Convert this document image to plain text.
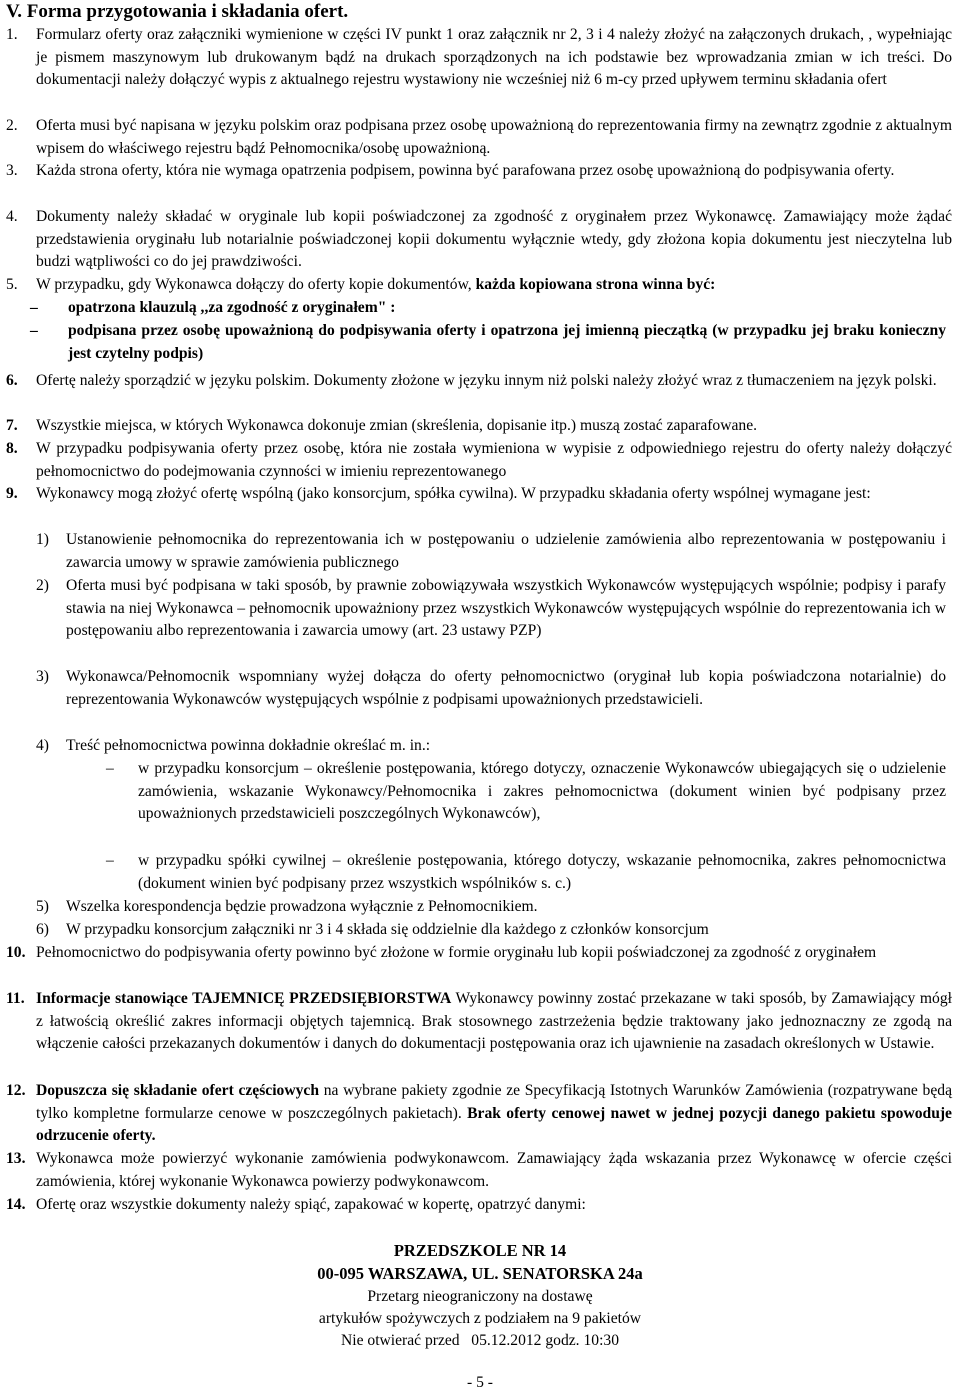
V. Forma przygotowania i składania ofert.
1. Formularz oferty oraz załączniki wymienione w części IV punkt 1 oraz załącznik nr 2, 3 i 4 należy złożyć na załączonych drukach, , wypełniając je pismem maszynowym lub drukowanym bądź na drukach sporządzonych na ich podstawie bez wprowadzania zmian w ich treści. Do dokumentacji należy dołączyć wypis z aktualnego rejestru wystawiony nie wcześniej niż 6 m-cy przed upływem terminu składania ofert
2. Oferta musi być napisana w języku polskim oraz podpisana przez osobę upoważnioną do reprezentowania firmy na zewnątrz zgodnie z aktualnym wpisem do właściwego rejestru bądź Pełnomocnika/osobę upoważnioną.
3. Każda strona oferty, która nie wymaga opatrzenia podpisem, powinna być parafowana przez osobę upoważnioną do podpisywania oferty.
4. Dokumenty należy składać w oryginale lub kopii poświadczonej za zgodność z oryginałem przez Wykonawcę. Zamawiający może żądać przedstawienia oryginału lub notarialnie poświadczonej kopii dokumentu wyłącznie wtedy, gdy złożona kopia dokumentu jest nieczytelna lub budzi wątpliwości co do jej prawdziwości.
5. W przypadku, gdy Wykonawca dołączy do oferty kopie dokumentów, każda kopiowana strona winna być:
– opatrzona klauzulą ,,za zgodność z oryginałem" :
– podpisana przez osobę upoważnioną do podpisywania oferty i opatrzona jej imienną pieczątką (w przypadku jej braku konieczny jest czytelny podpis)
6. Ofertę należy sporządzić w języku polskim. Dokumenty złożone w języku innym niż polski należy złożyć wraz z tłumaczeniem na język polski.
7. Wszystkie miejsca, w których Wykonawca dokonuje zmian (skreślenia, dopisanie itp.) muszą zostać zaparafowane.
8. W przypadku podpisywania oferty przez osobę, która nie została wymieniona w wypisie z odpowiedniego rejestru do oferty należy dołączyć pełnomocnictwo do podejmowania czynności w imieniu reprezentowanego
9. Wykonawcy mogą złożyć ofertę wspólną (jako konsorcjum, spółka cywilna). W przypadku składania oferty wspólnej wymagane jest:
1) Ustanowienie pełnomocnika do reprezentowania ich w postępowaniu o udzielenie zamówienia albo reprezentowania w postępowaniu i zawarcia umowy w sprawie zamówienia publicznego
2) Oferta musi być podpisana w taki sposób, by prawnie zobowiązywała wszystkich Wykonawców występujących wspólnie; podpisy i parafy stawia na niej Wykonawca – pełnomocnik upoważniony przez wszystkich Wykonawców występujących wspólnie do reprezentowania ich w postępowaniu albo reprezentowania i zawarcia umowy (art. 23 ustawy PZP)
3) Wykonawca/Pełnomocnik wspomniany wyżej dołącza do oferty pełnomocnictwo (oryginał lub kopia poświadczona notarialnie) do reprezentowania Wykonawców występujących wspólnie z podpisami upoważnionych przedstawicieli.
4) Treść pełnomocnictwa powinna dokładnie określać m. in.:
– w przypadku konsorcjum – określenie postępowania, którego dotyczy, oznaczenie Wykonawców ubiegających się o udzielenie zamówienia, wskazanie Wykonawcy/Pełnomocnika i zakres pełnomocnictwa (dokument winien być podpisany przez upoważnionych przedstawicieli poszczególnych Wykonawców),
– w przypadku spółki cywilnej – określenie postępowania, którego dotyczy, wskazanie pełnomocnika, zakres pełnomocnictwa (dokument winien być podpisany przez wszystkich wspólników s. c.)
5) Wszelka korespondencja będzie prowadzona wyłącznie z Pełnomocnikiem.
6) W przypadku konsorcjum załączniki nr 3 i 4 składa się oddzielnie dla każdego z członków konsorcjum
10. Pełnomocnictwo do podpisywania oferty powinno być złożone w formie oryginału lub kopii poświadczonej za zgodność z oryginałem
11. Informacje stanowiące TAJEMNICĘ PRZEDSIĘBIORSTWA Wykonawcy powinny zostać przekazane w taki sposób, by Zamawiający mógł z łatwością określić zakres informacji objętych tajemnicą. Brak stosownego zastrzeżenia będzie traktowany jako jednoznaczny ze zgodą na włączenie całości przekazanych dokumentów i danych do dokumentacji postępowania oraz ich ujawnienie na zasadach określonych w Ustawie.
12. Dopuszcza się składanie ofert częściowych na wybrane pakiety zgodnie ze Specyfikacją Istotnych Warunków Zamówienia (rozpatrywane będą tylko kompletne formularze cenowe w poszczególnych pakietach). Brak oferty cenowej nawet w jednej pozycji danego pakietu spowoduje odrzucenie oferty.
13. Wykonawca może powierzyć wykonanie zamówienia podwykonawcom. Zamawiający żąda wskazania przez Wykonawcę w ofercie części zamówienia, której wykonanie Wykonawca powierzy podwykonawcom.
14. Ofertę oraz wszystkie dokumenty należy spiąć, zapakować w kopertę, opatrzyć danymi:
PRZEDSZKOLE NR 14
00-095 WARSZAWA, UL. SENATORSKA 24a
Przetarg nieograniczony na dostawę
artykułów spożywczych z podziałem na 9 pakietów
Nie otwierać przed   05.12.2012 godz. 10:30
- 5 -
